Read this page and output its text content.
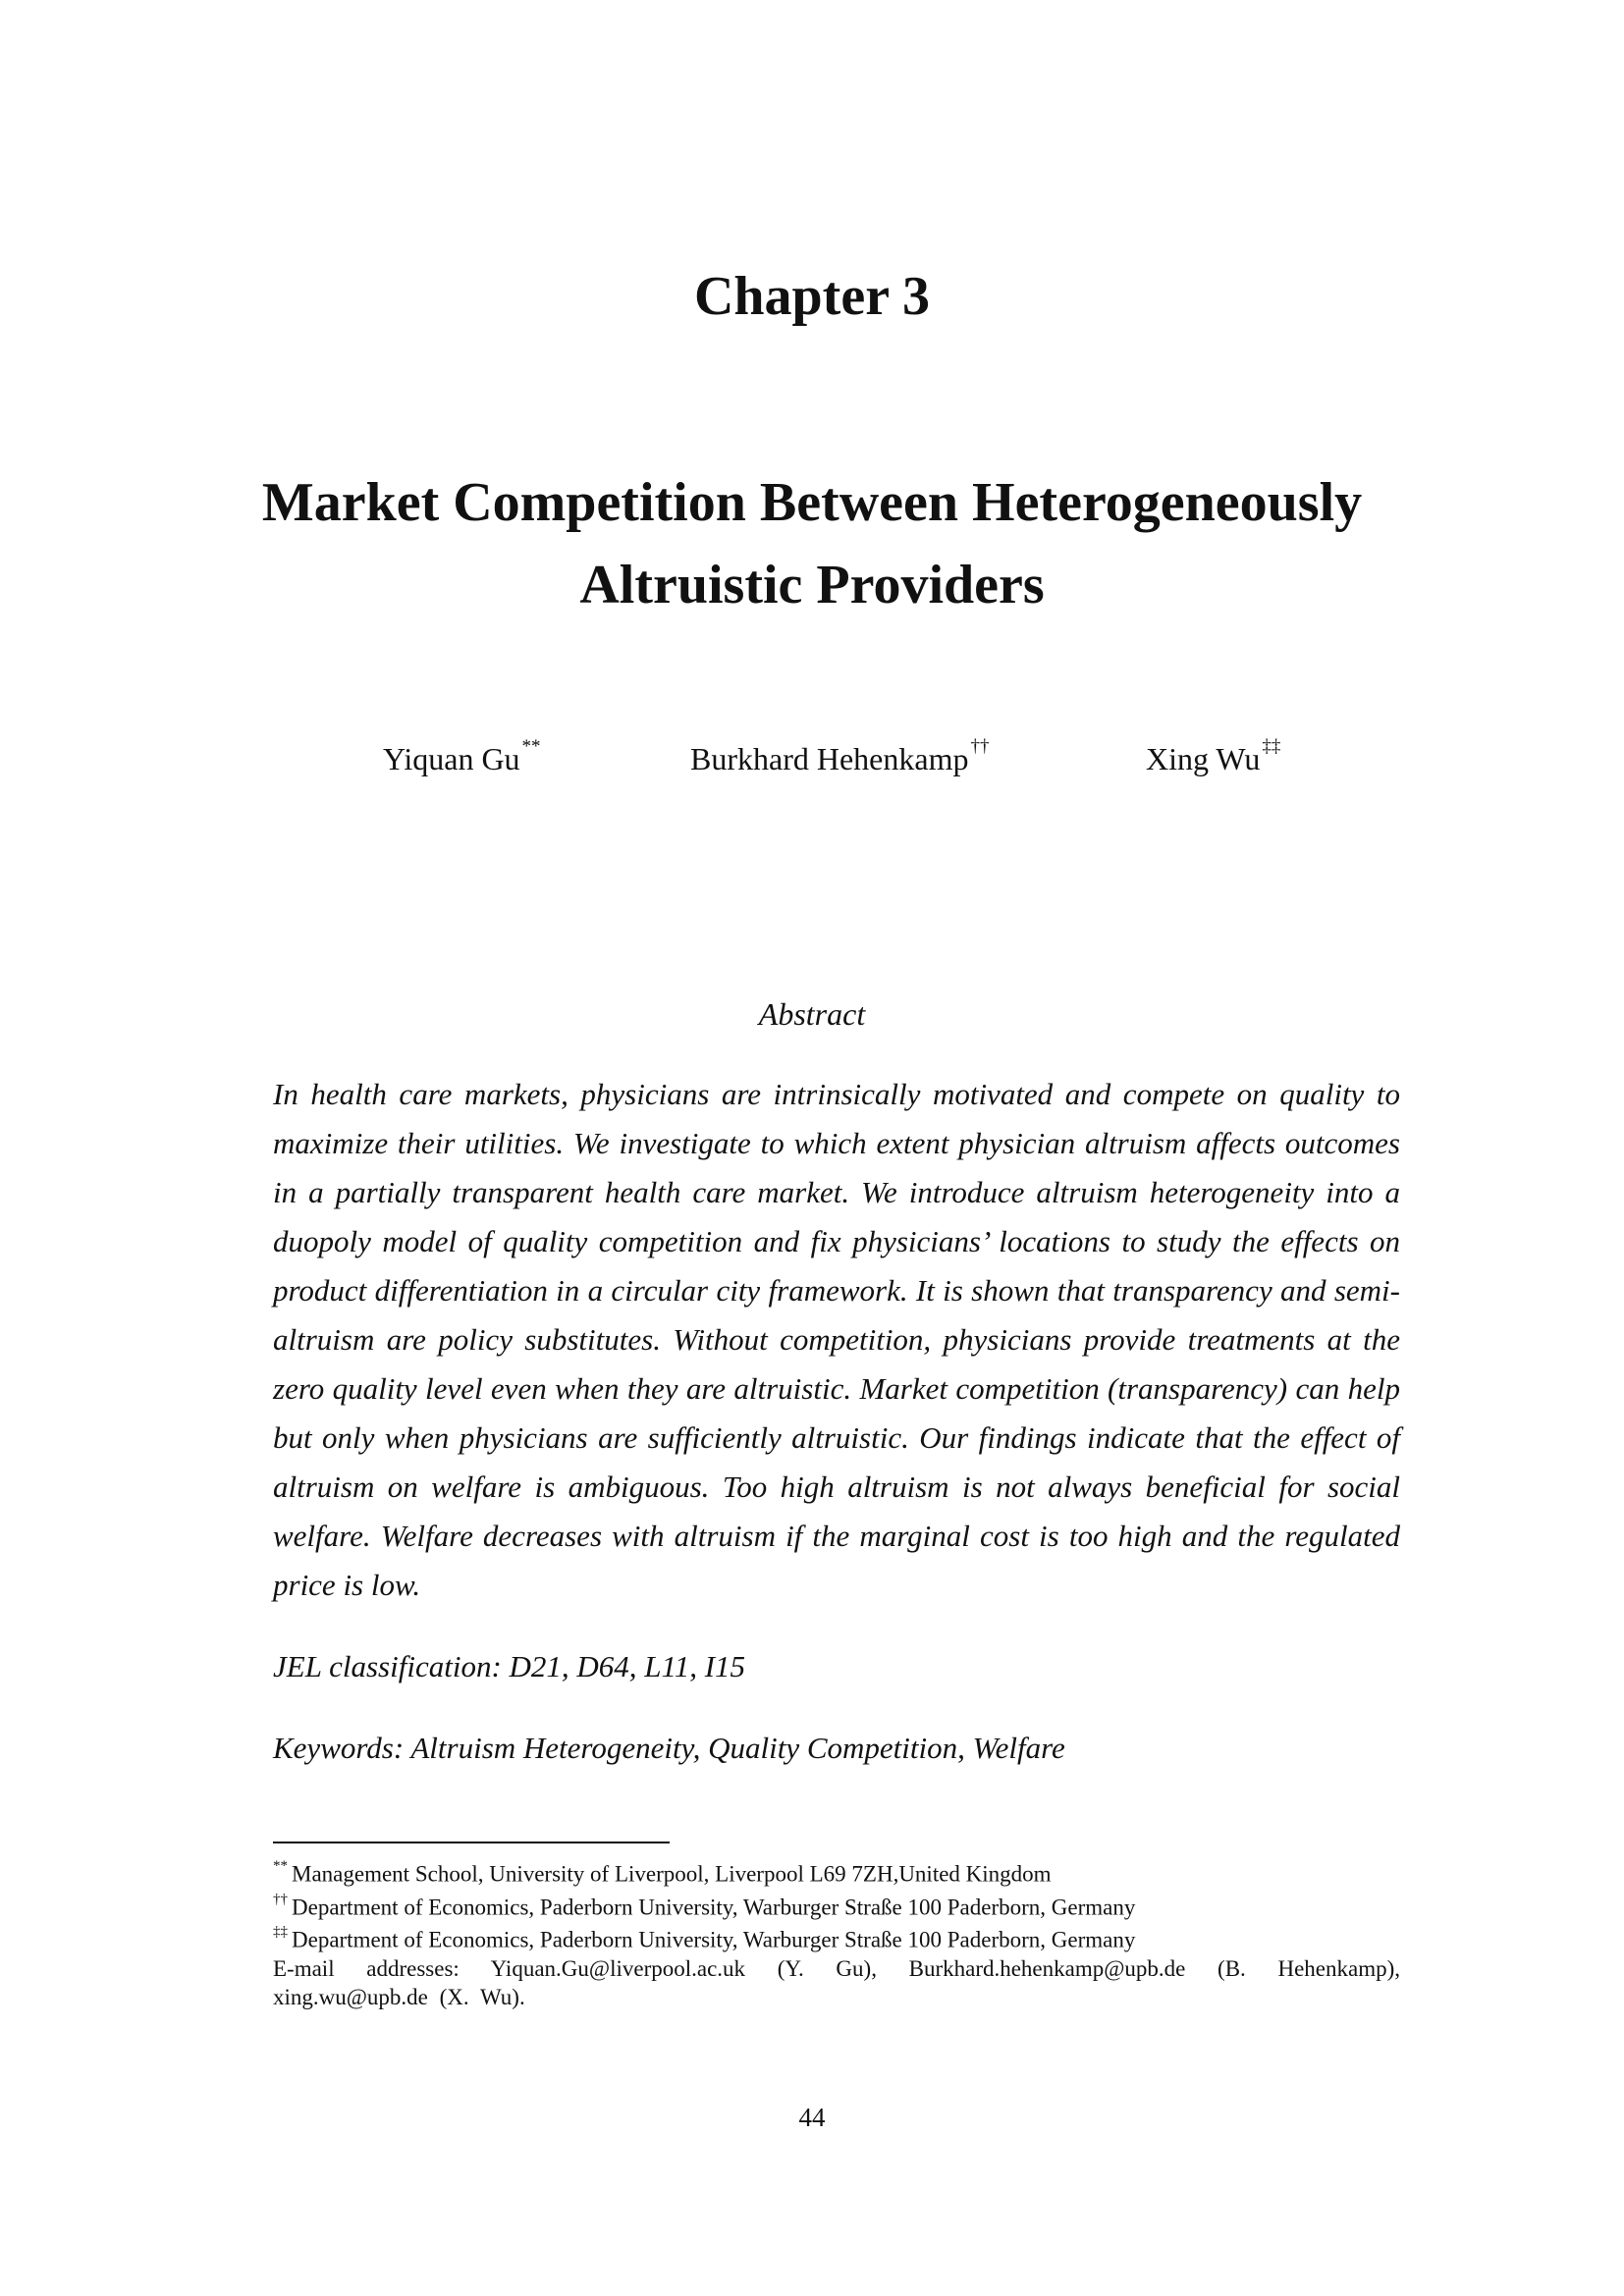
Chapter 3
Market Competition Between Heterogeneously
Altruistic Providers
Yiquan Gu **	Burkhard Hehenkamp ††	Xing Wu ‡‡
Abstract

In health care markets, physicians are intrinsically motivated and compete on quality to maximize their utilities. We investigate to which extent physician altruism affects outcomes in a partially transparent health care market. We introduce altruism heterogeneity into a duopoly model of quality competition and fix physicians’ locations to study the effects on product differentiation in a circular city framework. It is shown that transparency and semi-altruism are policy substitutes. Without competition, physicians provide treatments at the zero quality level even when they are altruistic. Market competition (transparency) can help but only when physicians are sufficiently altruistic. Our findings indicate that the effect of altruism on welfare is ambiguous. Too high altruism is not always beneficial for social welfare. Welfare decreases with altruism if the marginal cost is too high and the regulated price is low.

JEL classification: D21, D64, L11, I15

Keywords: Altruism Heterogeneity, Quality Competition, Welfare

** Management School, University of Liverpool, Liverpool L69 7ZH,United Kingdom

†† Department of Economics, Paderborn University, Warburger Straße 100 Paderborn, Germany

‡‡ Department of Economics, Paderborn University, Warburger Straße 100 Paderborn, Germany

E-mail addresses: Yiquan.Gu@liverpool.ac.uk (Y. Gu), Burkhard.hehenkamp@upb.de (B. Hehenkamp), xing.wu@upb.de (X. Wu).

44
